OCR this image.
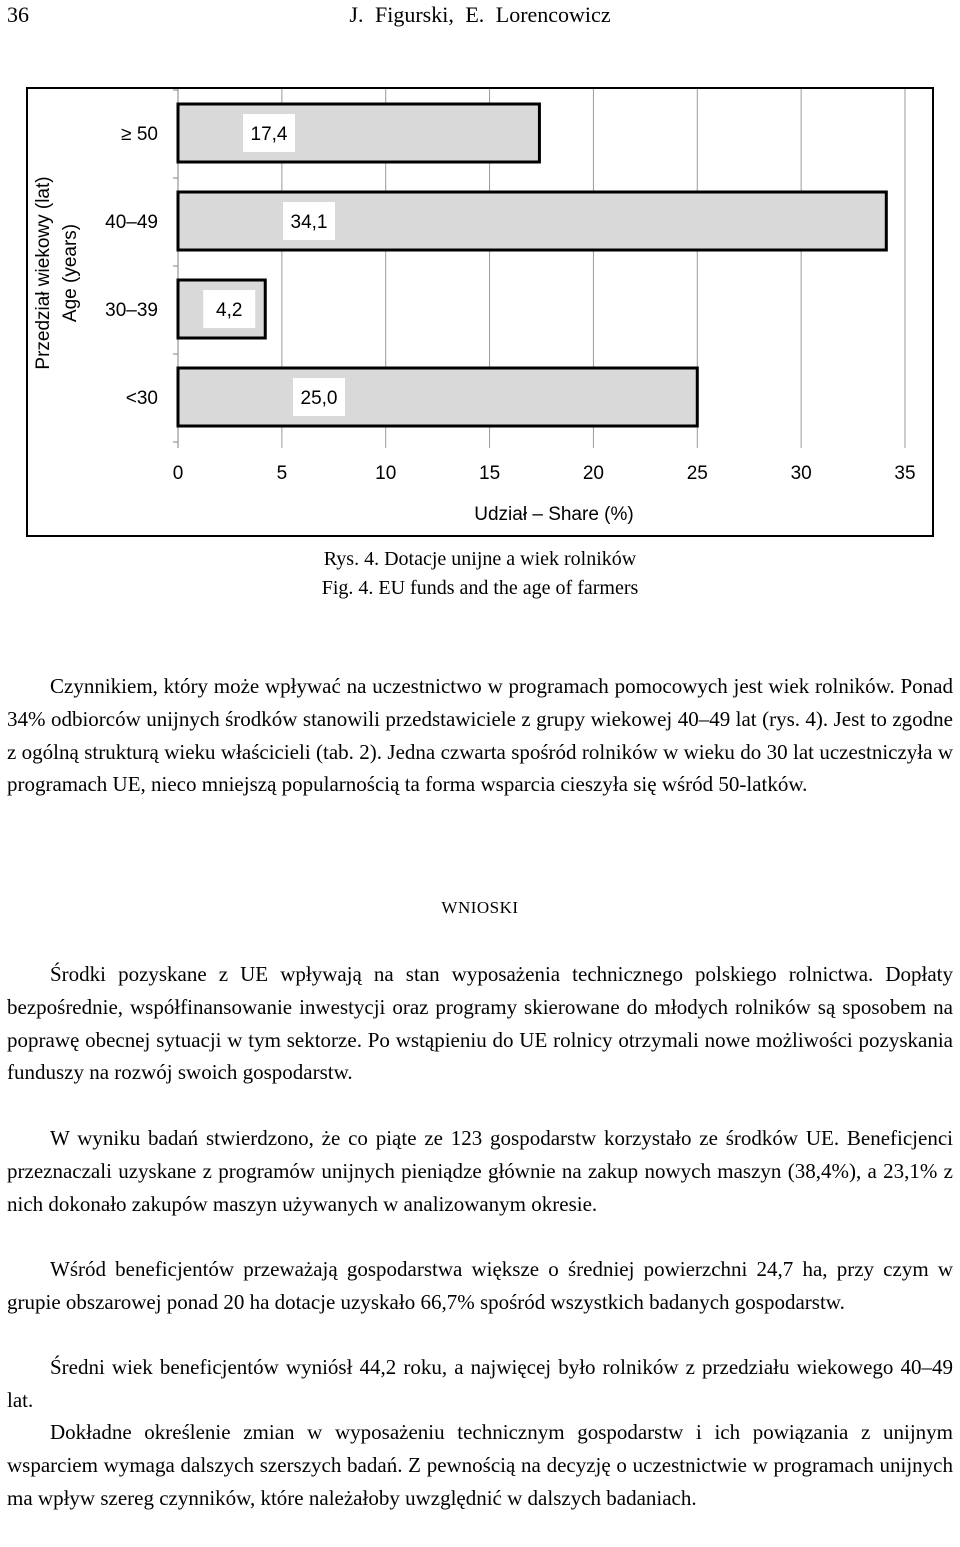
36	J. Figurski, E. Lorencowicz
≥ 50	17,4
40–49	34,1
30–39	4,2
<30	25,0
0	5	10	15	20	25	30	35
Udział – Share (%)
Przedział wiekowy (lat) Age (years)
Rys. 4. Dotacje unijne a wiek rolników
Fig. 4. EU funds and the age of farmers

Czynnikiem, który może wpływać na uczestnictwo w programach pomocowych jest wiek rolników. Ponad 34% odbiorców unijnych środków stanowili przedstawiciele z grupy wiekowej 40–49 lat (rys. 4). Jest to zgodne z ogólną strukturą wieku właścicieli (tab. 2). Jedna czwarta spośród rolników w wieku do 30 lat uczestniczyła w programach UE, nieco mniejszą popularnością ta forma wsparcia cieszyła się wśród 50-latków.

WNIOSKI

Środki pozyskane z UE wpływają na stan wyposażenia technicznego polskiego rolnictwa. Dopłaty bezpośrednie, współfinansowanie inwestycji oraz programy skierowane do młodych rolników są sposobem na poprawę obecnej sytuacji w tym sektorze. Po wstąpieniu do UE rolnicy otrzymali nowe możliwości pozyskania funduszy na rozwój swoich gospodarstw.

W wyniku badań stwierdzono, że co piąte ze 123 gospodarstw korzystało ze środków UE. Beneficjenci przeznaczali uzyskane z programów unijnych pieniądze głównie na zakup nowych maszyn (38,4%), a 23,1% z nich dokonało zakupów maszyn używanych w analizowanym okresie.

Wśród beneficjentów przeważają gospodarstwa większe o średniej powierzchni 24,7 ha, przy czym w grupie obszarowej ponad 20 ha dotacje uzyskało 66,7% spośród wszystkich badanych gospodarstw.

Średni wiek beneficjentów wyniósł 44,2 roku, a najwięcej było rolników z przedziału wiekowego 40–49 lat.

Dokładne określenie zmian w wyposażeniu technicznym gospodarstw i ich powiązania z unijnym wsparciem wymaga dalszych szerszych badań. Z pewnością na decyzję o uczestnictwie w programach unijnych ma wpływ szereg czynników, które należałoby uwzględnić w dalszych badaniach.
